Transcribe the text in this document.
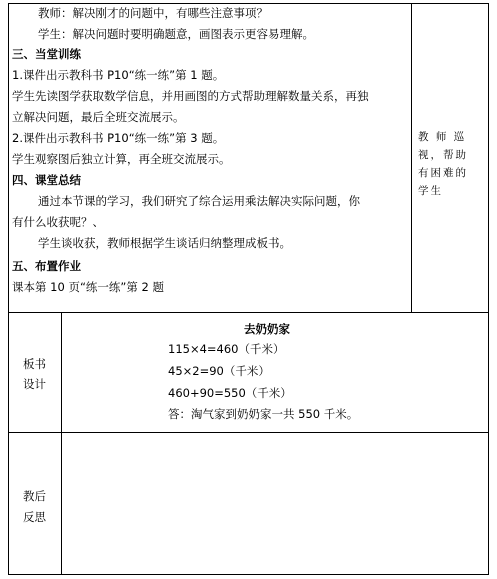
教师：解决刚才的问题中，有哪些注意事项？
学生：解决问题时要明确题意，画图表示更容易理解。
三、当堂训练
1.课件出示教科书 P10“练一练”第 1 题。
学生先读图学获取数学信息，并用画图的方式帮助理解数量关系，再独
立解决问题，最后全班交流展示。
2.课件出示教科书 P10“练一练”第 3 题。
学生观察图后独立计算，再全班交流展示。
四、课堂总结
通过本节课的学习，我们研究了综合运用乘法解决实际问题，你
有什么收获呢？、
学生谈收获，教师根据学生谈话归纳整理成板书。
五、布置作业
课本第 10 页“练一练”第 2 题
教 师 巡
视，帮助
有困难的
学生
板书
设计
去奶奶家
115×4=460（千米）
45×2=90（千米）
460+90=550（千米）
答：淘气家到奶奶家一共 550 千米。
教后
反思
